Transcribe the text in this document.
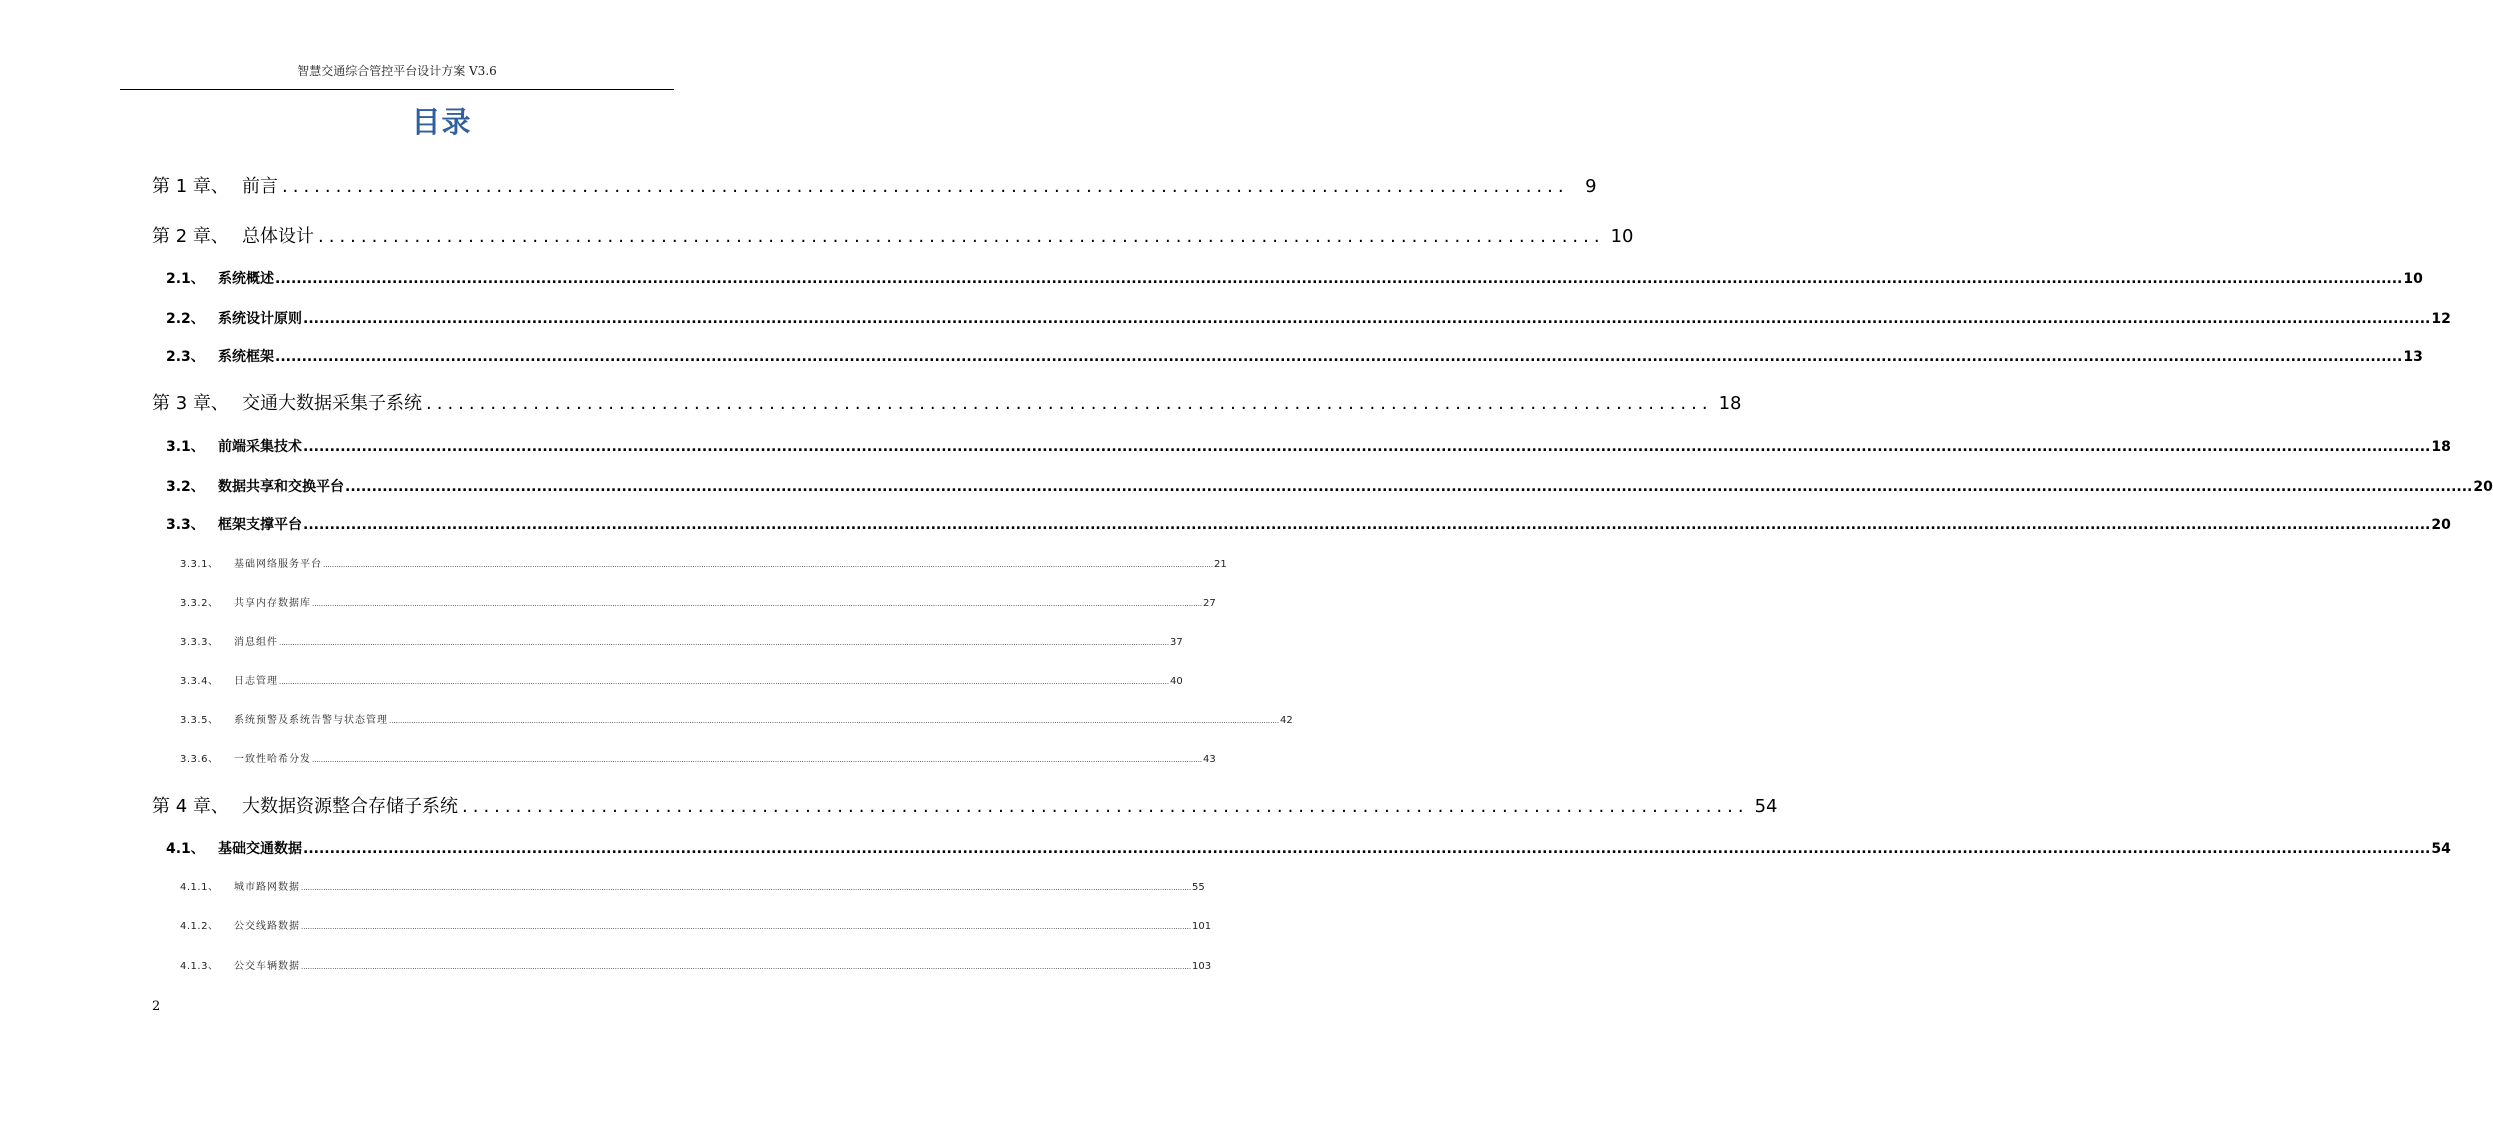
智慧交通综合管控平台设计方案 V3.6
目录
第 1 章、 前言 ........................................................................................................................ 9
第 2 章、 总体设计 ........................................................................................................................ 10
2.1、 系统概述 ................................................................................................................................................................................................................................................................................................................................................................................................................ 10
2.2、 系统设计原则 ................................................................................................................................................................................................................................................................................................................................................................................................................ 12
2.3、 系统框架 ................................................................................................................................................................................................................................................................................................................................................................................................................ 13
第 3 章、 交通大数据采集子系统 ........................................................................................................................ 18
3.1、 前端采集技术 ................................................................................................................................................................................................................................................................................................................................................................................................................ 18
3.2、 数据共享和交换平台 ................................................................................................................................................................................................................................................................................................................................................................................................................ 20
3.3、 框架支撑平台 ................................................................................................................................................................................................................................................................................................................................................................................................................ 20
3.3.1、	基础网络服务平台 ................................................................................................................................................................................................................................................................................................................................................................................................................ 21
3.3.2、	共享内存数据库 ................................................................................................................................................................................................................................................................................................................................................................................................................ 27
3.3.3、	消息组件 ................................................................................................................................................................................................................................................................................................................................................................................................................ 37
3.3.4、	日志管理 ................................................................................................................................................................................................................................................................................................................................................................................................................ 40
3.3.5、	系统预警及系统告警与状态管理 ................................................................................................................................................................................................................................................................................................................................................................................................................ 42
3.3.6、	一致性哈希分发 ................................................................................................................................................................................................................................................................................................................................................................................................................ 43
第 4 章、 大数据资源整合存储子系统 ........................................................................................................................ 54
4.1、 基础交通数据 ................................................................................................................................................................................................................................................................................................................................................................................................................ 54
4.1.1、	城市路网数据 ................................................................................................................................................................................................................................................................................................................................................................................................................ 55
4.1.2、	公交线路数据 ................................................................................................................................................................................................................................................................................................................................................................................................................ 101
4.1.3、	公交车辆数据 ................................................................................................................................................................................................................................................................................................................................................................................................................ 103
2
